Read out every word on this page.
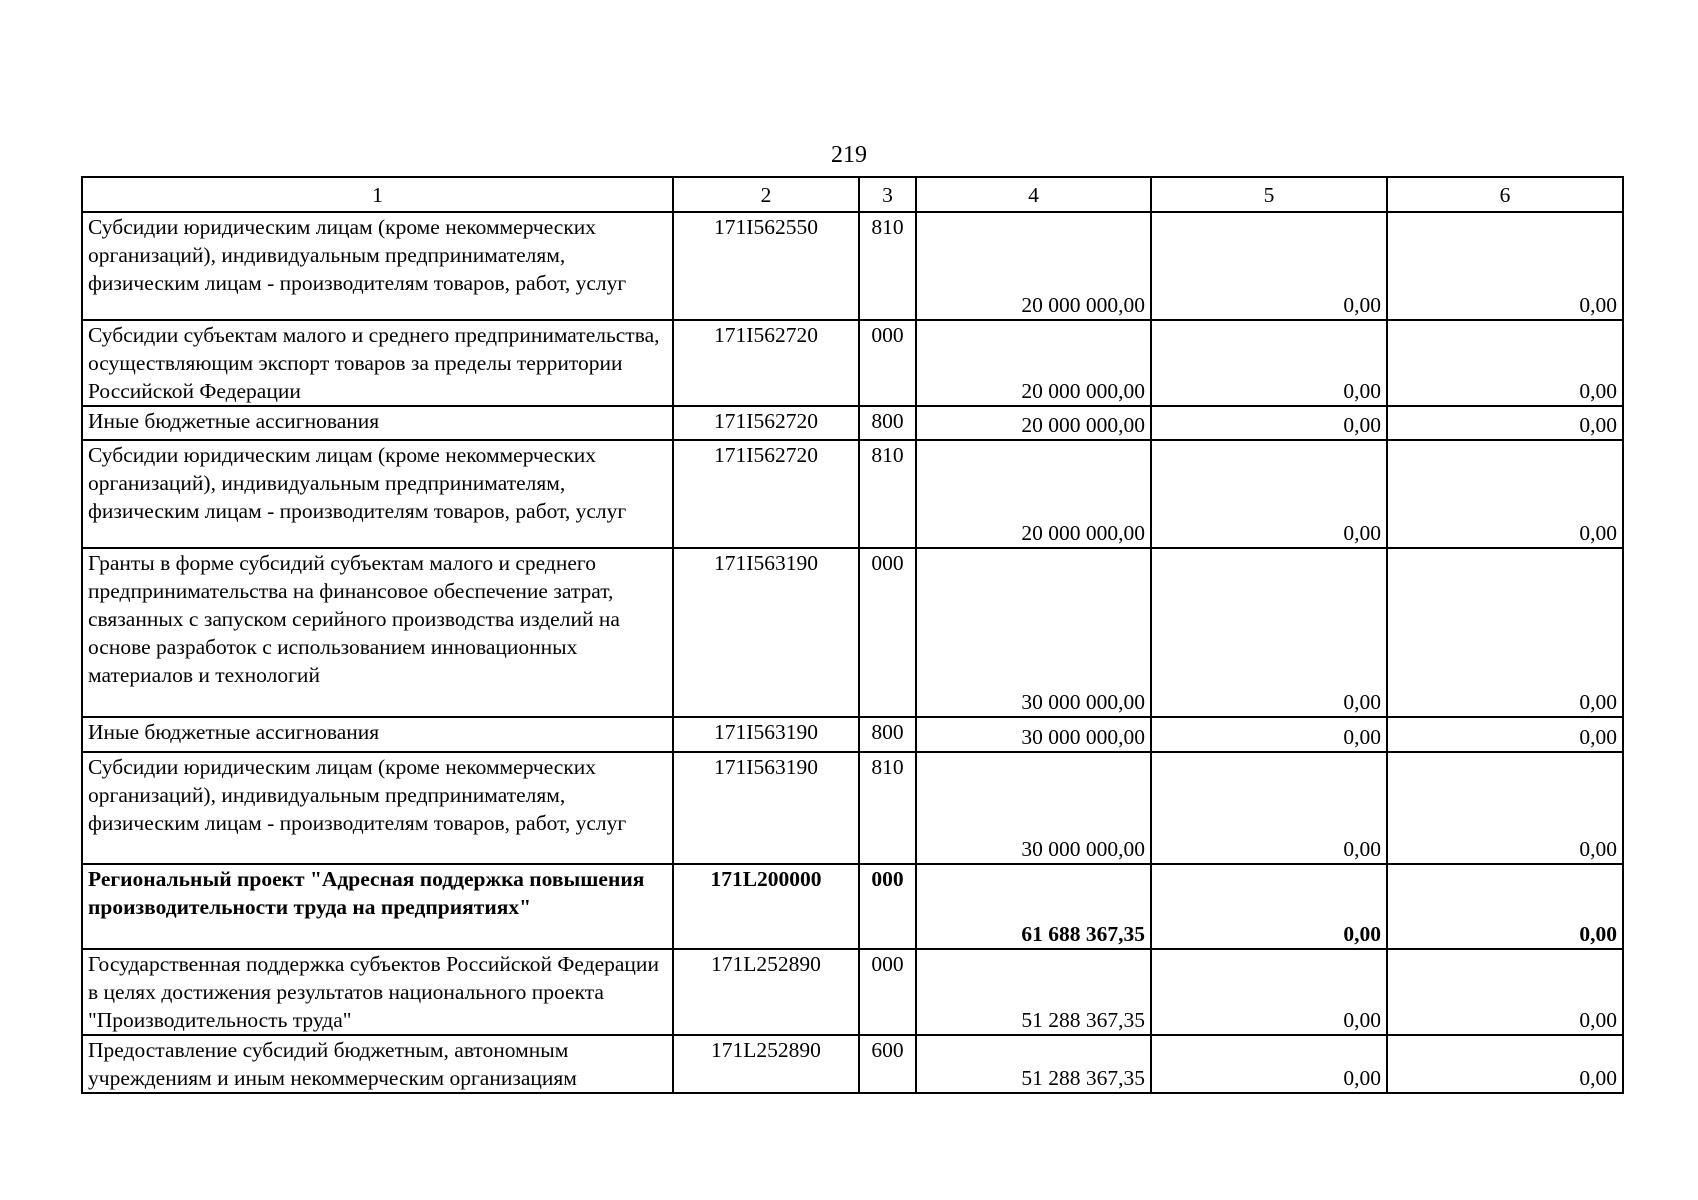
219
1	2	3	4	5	6
Субсидии юридическим лицам (кроме некоммерческих организаций), индивидуальным предпринимателям, физическим лицам - производителям товаров, работ, услуг	171I562550	810	20 000 000,00	0,00	0,00
Субсидии субъектам малого и среднего предпринимательства, осуществляющим экспорт товаров за пределы территории Российской Федерации	171I562720	000	20 000 000,00	0,00	0,00
Иные бюджетные ассигнования	171I562720	800	20 000 000,00	0,00	0,00
Субсидии юридическим лицам (кроме некоммерческих организаций), индивидуальным предпринимателям, физическим лицам - производителям товаров, работ, услуг	171I562720	810	20 000 000,00	0,00	0,00
Гранты в форме субсидий субъектам малого и среднего предпринимательства на финансовое обеспечение затрат, связанных с запуском серийного производства изделий на основе разработок с использованием инновационных материалов и технологий	171I563190	000	30 000 000,00	0,00	0,00
Иные бюджетные ассигнования	171I563190	800	30 000 000,00	0,00	0,00
Субсидии юридическим лицам (кроме некоммерческих организаций), индивидуальным предпринимателям, физическим лицам - производителям товаров, работ, услуг	171I563190	810	30 000 000,00	0,00	0,00
Региональный проект "Адресная поддержка повышения производительности труда на предприятиях"	171L200000	000	61 688 367,35	0,00	0,00
Государственная поддержка субъектов Российской Федерации в целях достижения результатов национального проекта "Производительность труда"	171L252890	000	51 288 367,35	0,00	0,00
Предоставление субсидий бюджетным, автономным учреждениям и иным некоммерческим организациям	171L252890	600	51 288 367,35	0,00	0,00
